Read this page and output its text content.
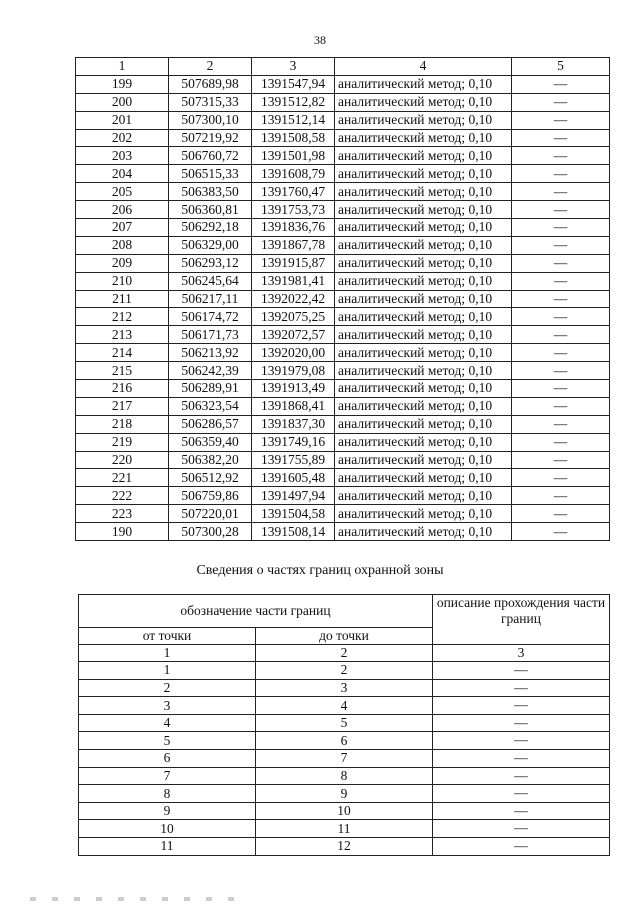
38
1	2	3	4	5
199	507689,98	1391547,94	аналитический метод; 0,10	—
200	507315,33	1391512,82	аналитический метод; 0,10	—
201	507300,10	1391512,14	аналитический метод; 0,10	—
202	507219,92	1391508,58	аналитический метод; 0,10	—
203	506760,72	1391501,98	аналитический метод; 0,10	—
204	506515,33	1391608,79	аналитический метод; 0,10	—
205	506383,50	1391760,47	аналитический метод; 0,10	—
206	506360,81	1391753,73	аналитический метод; 0,10	—
207	506292,18	1391836,76	аналитический метод; 0,10	—
208	506329,00	1391867,78	аналитический метод; 0,10	—
209	506293,12	1391915,87	аналитический метод; 0,10	—
210	506245,64	1391981,41	аналитический метод; 0,10	—
211	506217,11	1392022,42	аналитический метод; 0,10	—
212	506174,72	1392075,25	аналитический метод; 0,10	—
213	506171,73	1392072,57	аналитический метод; 0,10	—
214	506213,92	1392020,00	аналитический метод; 0,10	—
215	506242,39	1391979,08	аналитический метод; 0,10	—
216	506289,91	1391913,49	аналитический метод; 0,10	—
217	506323,54	1391868,41	аналитический метод; 0,10	—
218	506286,57	1391837,30	аналитический метод; 0,10	—
219	506359,40	1391749,16	аналитический метод; 0,10	—
220	506382,20	1391755,89	аналитический метод; 0,10	—
221	506512,92	1391605,48	аналитический метод; 0,10	—
222	506759,86	1391497,94	аналитический метод; 0,10	—
223	507220,01	1391504,58	аналитический метод; 0,10	—
190	507300,28	1391508,14	аналитический метод; 0,10	—
Сведения о частях границ охранной зоны
обозначение части границ		описание прохождения части границ
от точки	до точки	
1	2	3
1	2	—
2	3	—
3	4	—
4	5	—
5	6	—
6	7	—
7	8	—
8	9	—
9	10	—
10	11	—
11	12	—
